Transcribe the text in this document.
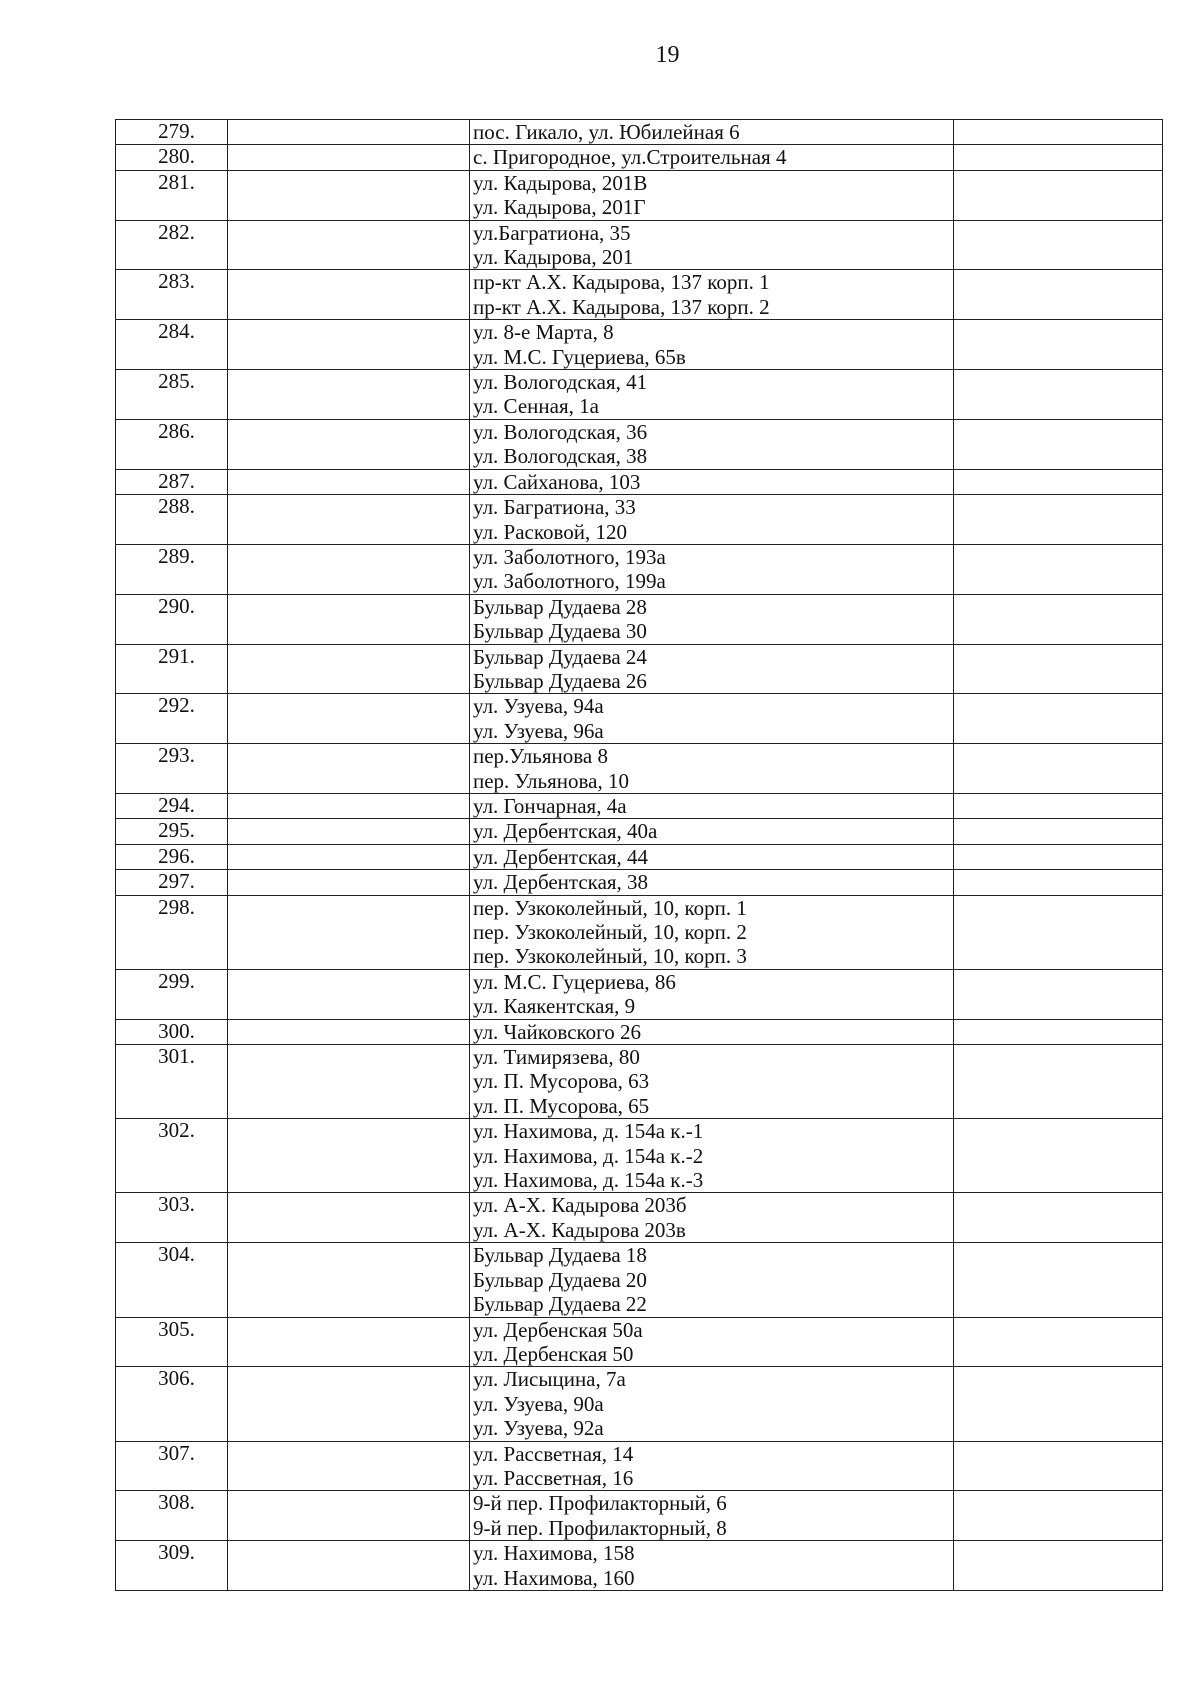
19
279.		пос. Гикало, ул. Юбилейная 6	

280.		с. Пригородное, ул.Строительная 4	

281.		ул. Кадырова, 201В
ул. Кадырова, 201Г	

282.		ул.Багратиона, 35
ул. Кадырова, 201	

283.		пр-кт А.Х. Кадырова, 137 корп. 1
пр-кт А.Х. Кадырова, 137 корп. 2	

284.		ул. 8-е Марта, 8
ул. М.С. Гуцериева, 65в	

285.		ул. Вологодская, 41
ул. Сенная, 1а	

286.		ул. Вологодская, 36
ул. Вологодская, 38	

287.		ул. Сайханова, 103	

288.		ул. Багратиона, 33
ул. Расковой, 120	

289.		ул. Заболотного, 193а
ул. Заболотного, 199а	

290.		Бульвар Дудаева 28
Бульвар Дудаева 30	

291.		Бульвар Дудаева 24
Бульвар Дудаева 26	

292.		ул. Узуева, 94а
ул. Узуева, 96а	

293.		пер.Ульянова 8
пер. Ульянова, 10	

294.		ул. Гончарная, 4а	

295.		ул. Дербентская, 40а	

296.		ул. Дербентская, 44	

297.		ул. Дербентская, 38	

298.		пер. Узкоколейный, 10, корп. 1
пер. Узкоколейный, 10, корп. 2
пер. Узкоколейный, 10, корп. 3	

299.		ул. М.С. Гуцериева, 86
ул. Каякентская, 9	

300.		ул. Чайковского 26	

301.		ул. Тимирязева, 80
ул. П. Мусорова, 63
ул. П. Мусорова, 65	

302.		ул. Нахимова, д. 154а к.-1
ул. Нахимова, д. 154а к.-2
ул. Нахимова, д. 154а к.-3	

303.		ул. А-Х. Кадырова 203б
ул. А-Х. Кадырова 203в	

304.		Бульвар Дудаева 18
Бульвар Дудаева 20
Бульвар Дудаева 22	

305.		ул. Дербенская 50а
ул. Дербенская 50	

306.		ул. Лисыцина, 7а
ул. Узуева, 90а
ул. Узуева, 92а	

307.		ул. Рассветная, 14
ул. Рассветная, 16	

308.		9-й пер. Профилакторный, 6
9-й пер. Профилакторный, 8	

309.		ул. Нахимова, 158
ул. Нахимова, 160	
